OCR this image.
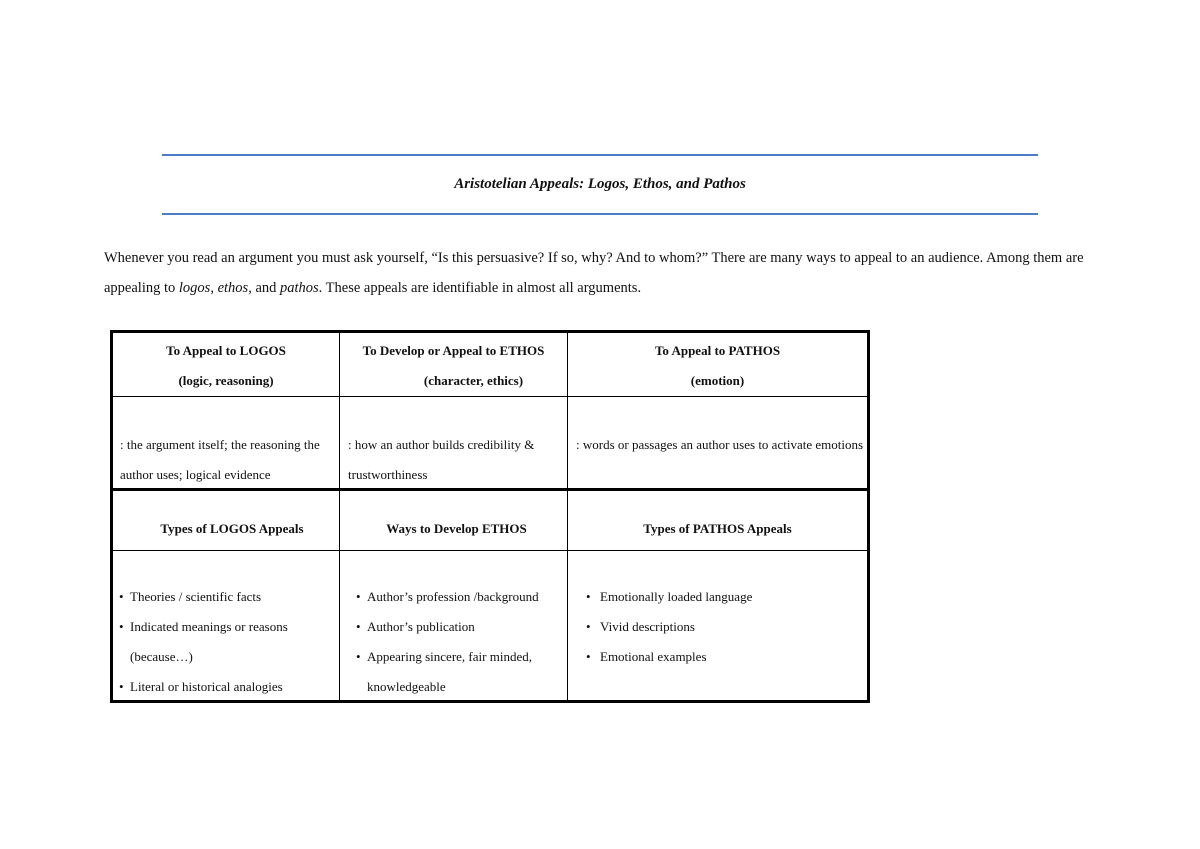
Aristotelian Appeals: Logos, Ethos, and Pathos

Whenever you read an argument you must ask yourself, “Is this persuasive? If so, why? And to whom?” There are many ways to appeal to an audience. Among them are appealing to logos, ethos, and pathos. These appeals are identifiable in almost all arguments.

To Appeal to LOGOS
(logic, reasoning)
To Develop or Appeal to ETHOS
(character, ethics)
To Appeal to PATHOS
(emotion)
: the argument itself; the reasoning the author uses; logical evidence
: how an author builds credibility & trustworthiness
: words or passages an author uses to activate emotions
Types of LOGOS Appeals	Ways to Develop ETHOS	Types of PATHOS Appeals
• Theories / scientific facts
• Indicated meanings or reasons (because…)
• Literal or historical analogies
• Author’s profession /background
• Author’s publication
• Appearing sincere, fair minded, knowledgeable
• Emotionally loaded language
• Vivid descriptions
• Emotional examples
